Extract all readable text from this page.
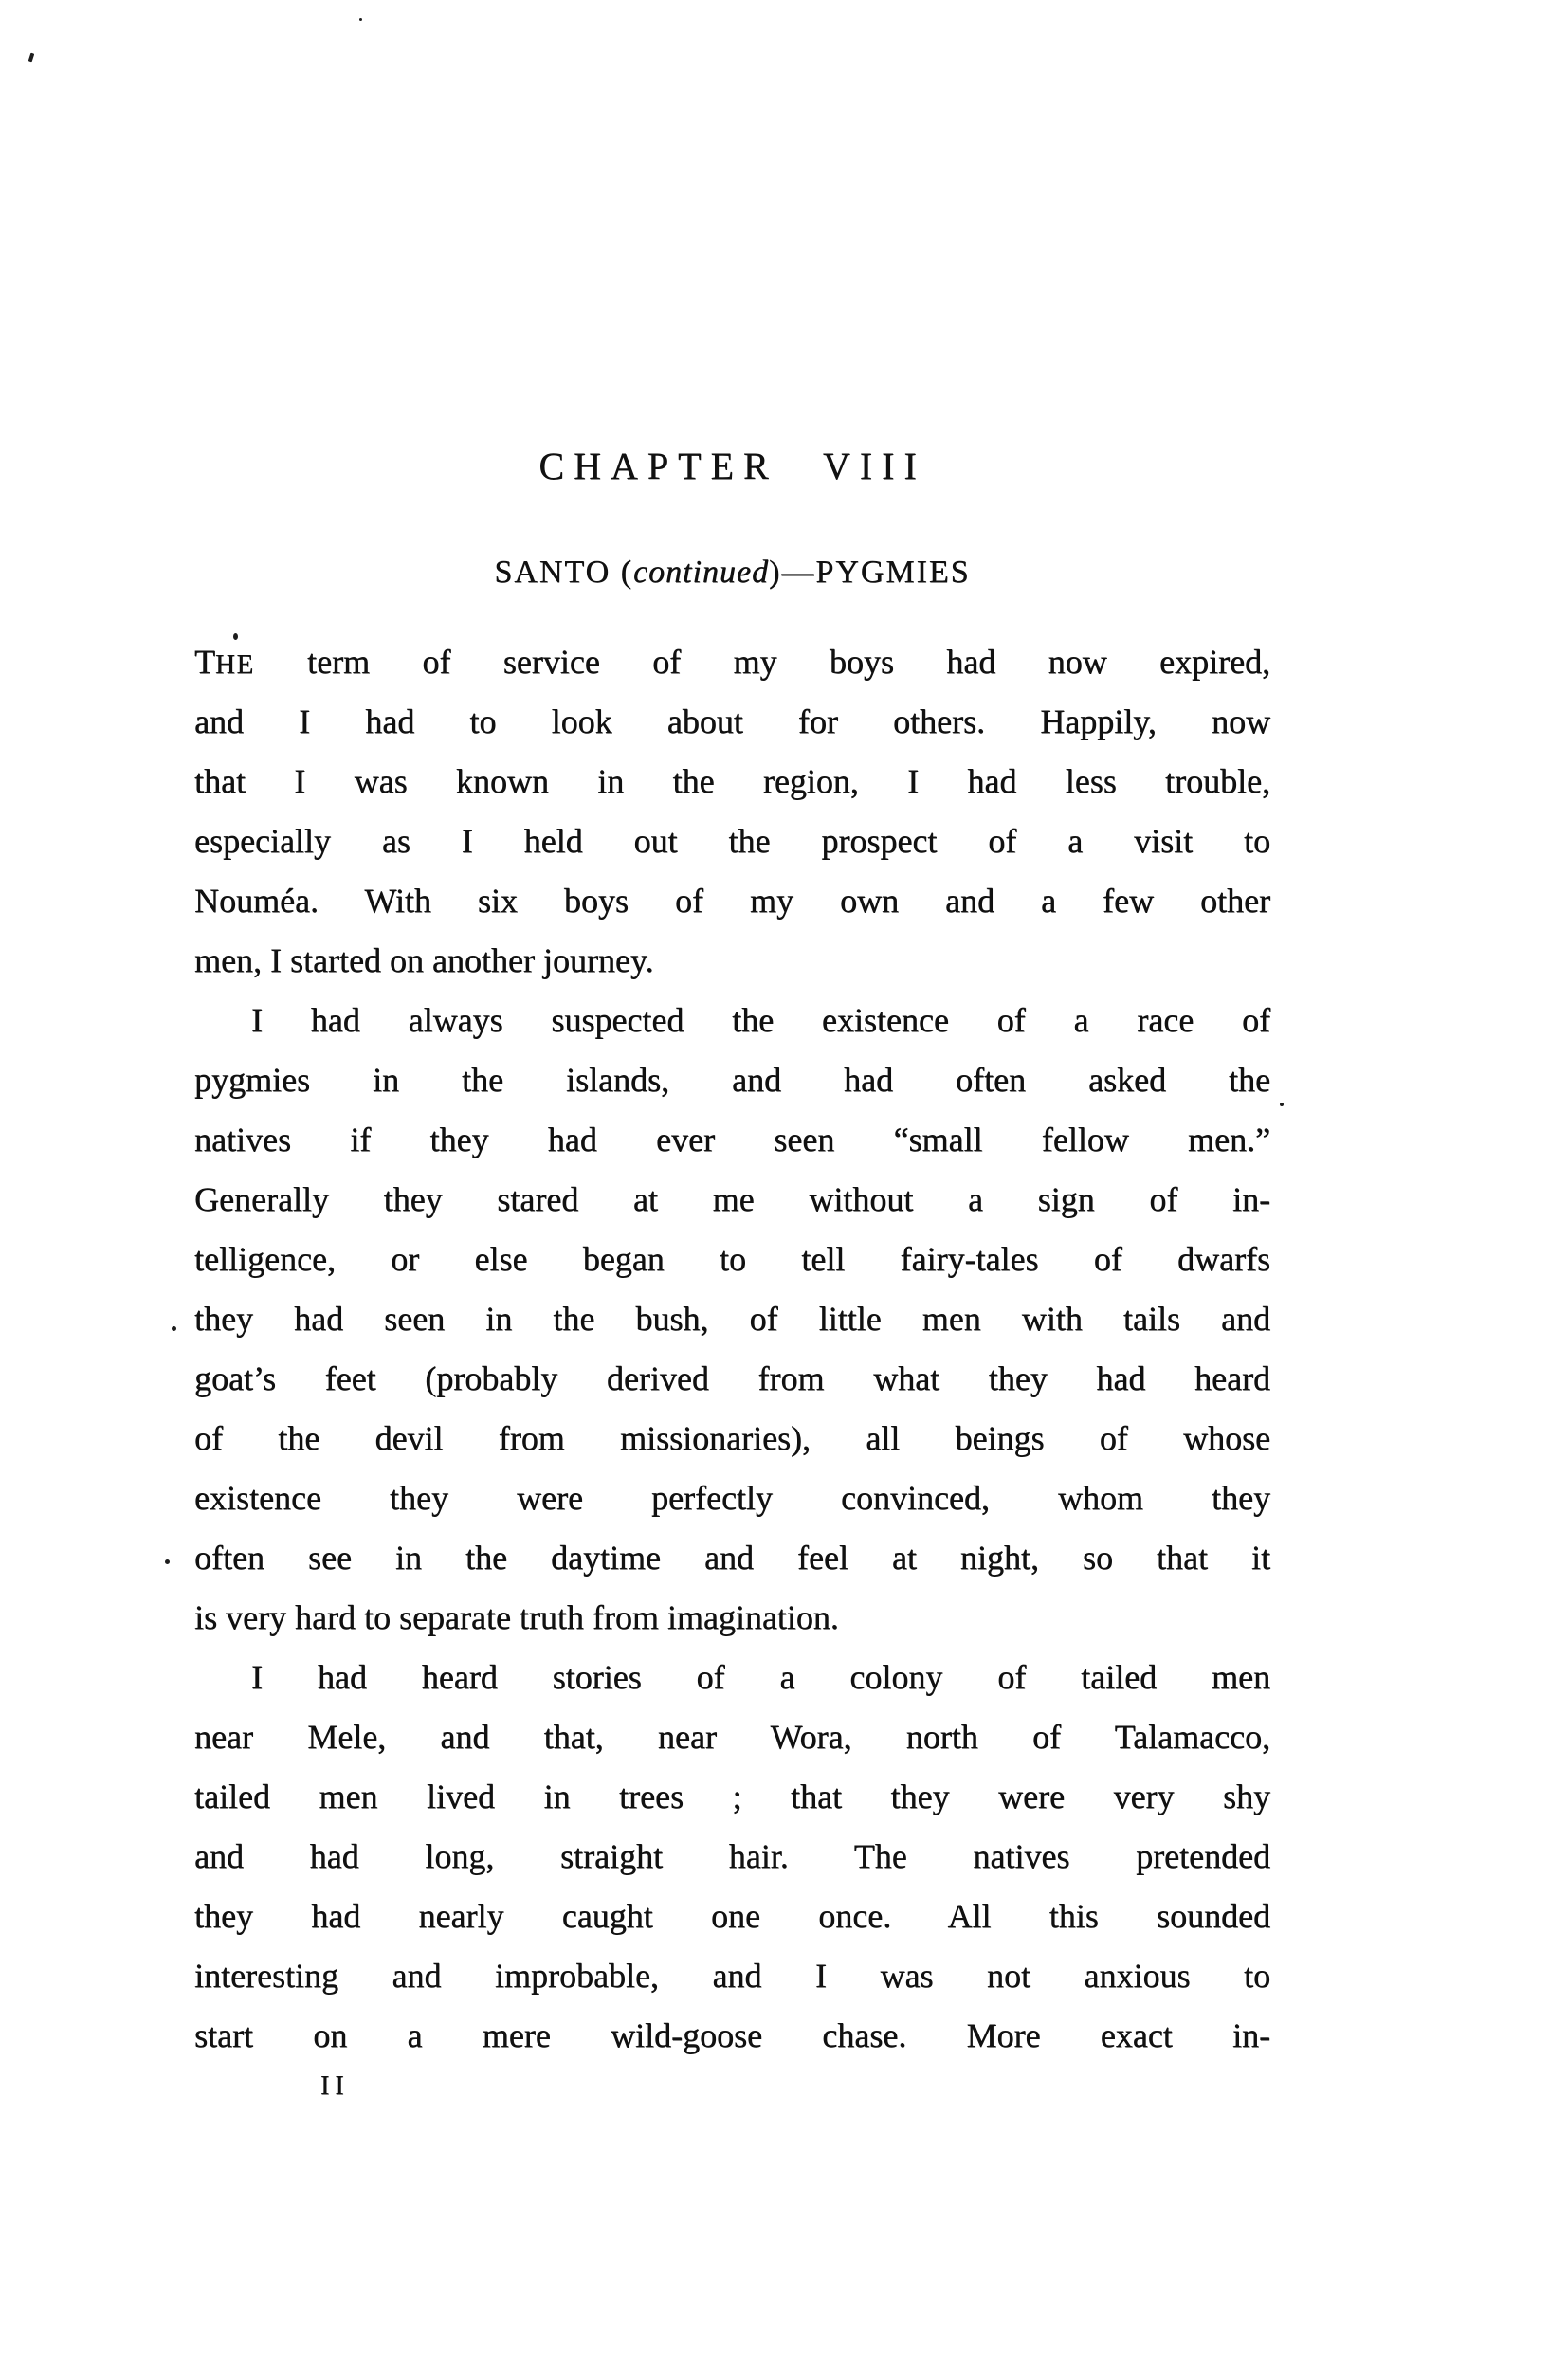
CHAPTER VIII
SANTO (continued)—PYGMIES
THE term of service of my boys had now expired,
and I had to look about for others. Happily, now
that I was known in the region, I had less trouble,
especially as I held out the prospect of a visit to
Nouméa. With six boys of my own and a few other
men, I started on another journey.
I had always suspected the existence of a race of
pygmies in the islands, and had often asked the
natives if they had ever seen “small fellow men.”
Generally they stared at me without a sign of in-
telligence, or else began to tell fairy-tales of dwarfs
they had seen in the bush, of little men with tails and
goat’s feet (probably derived from what they had heard
of the devil from missionaries), all beings of whose
existence they were perfectly convinced, whom they
often see in the daytime and feel at night, so that it
is very hard to separate truth from imagination.
I had heard stories of a colony of tailed men
near Mele, and that, near Wora, north of Talamacco,
tailed men lived in trees ; that they were very shy
and had long, straight hair. The natives pretended
they had nearly caught one once. All this sounded
interesting and improbable, and I was not anxious to
start on a mere wild-goose chase. More exact in-
II
